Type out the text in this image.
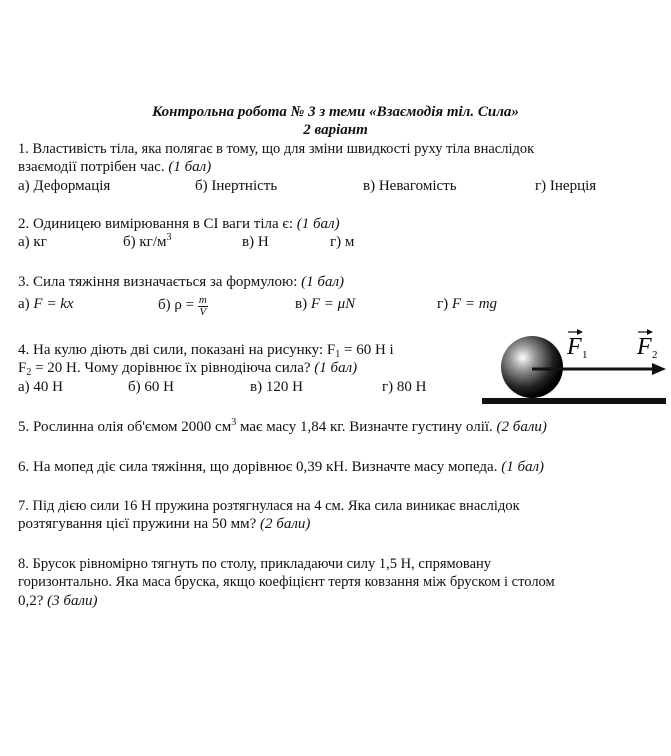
Контрольна робота № 3 з теми «Взаємодія тіл. Сила»
2 варіант
1. Властивість тіла, яка полягає в тому, що для зміни швидкості руху тіла внаслідок
взаємодії потрібен час. (1 бал)
а) Деформація	б) Інертність	в) Невагомість	г) Інерція
2. Одиницею вимірювання в СІ ваги тіла є: (1 бал)
а) кг	б) $кг/м^3$	в) Н	г) м
3. Сила тяжіння визначається за формулою: (1 бал)
а) F = kx	б) $\rho = \frac{m}{V}$	в) F = μN	г) F = mg
4. На кулю діють дві сили, показані на рисунку: $F_1 = 60$ Н і
$F_2 = 20$ Н. Чому дорівнює їх рівнодіюча сила? (1 бал)
а) 40 Н	б) 60 Н	в) 120 Н	г) 80 Н
F 1 F 2
5. Рослинна олія об'ємом 2000 $см^3$ має масу 1,84 кг. Визначте густину олії. (2 бали)
6. На мопед діє сила тяжіння, що дорівнює 0,39 кН. Визначте масу мопеда. (1 бал)
7. Під дією сили 16 Н пружина розтягнулася на 4 см. Яка сила виникає внаслідок
розтягування цієї пружини на 50 мм? (2 бали)
8. Брусок рівномірно тягнуть по столу, прикладаючи силу 1,5 Н, спрямовану
горизонтально. Яка маса бруска, якщо коефіцієнт тертя ковзання між бруском і столом
0,2? (3 бали)
